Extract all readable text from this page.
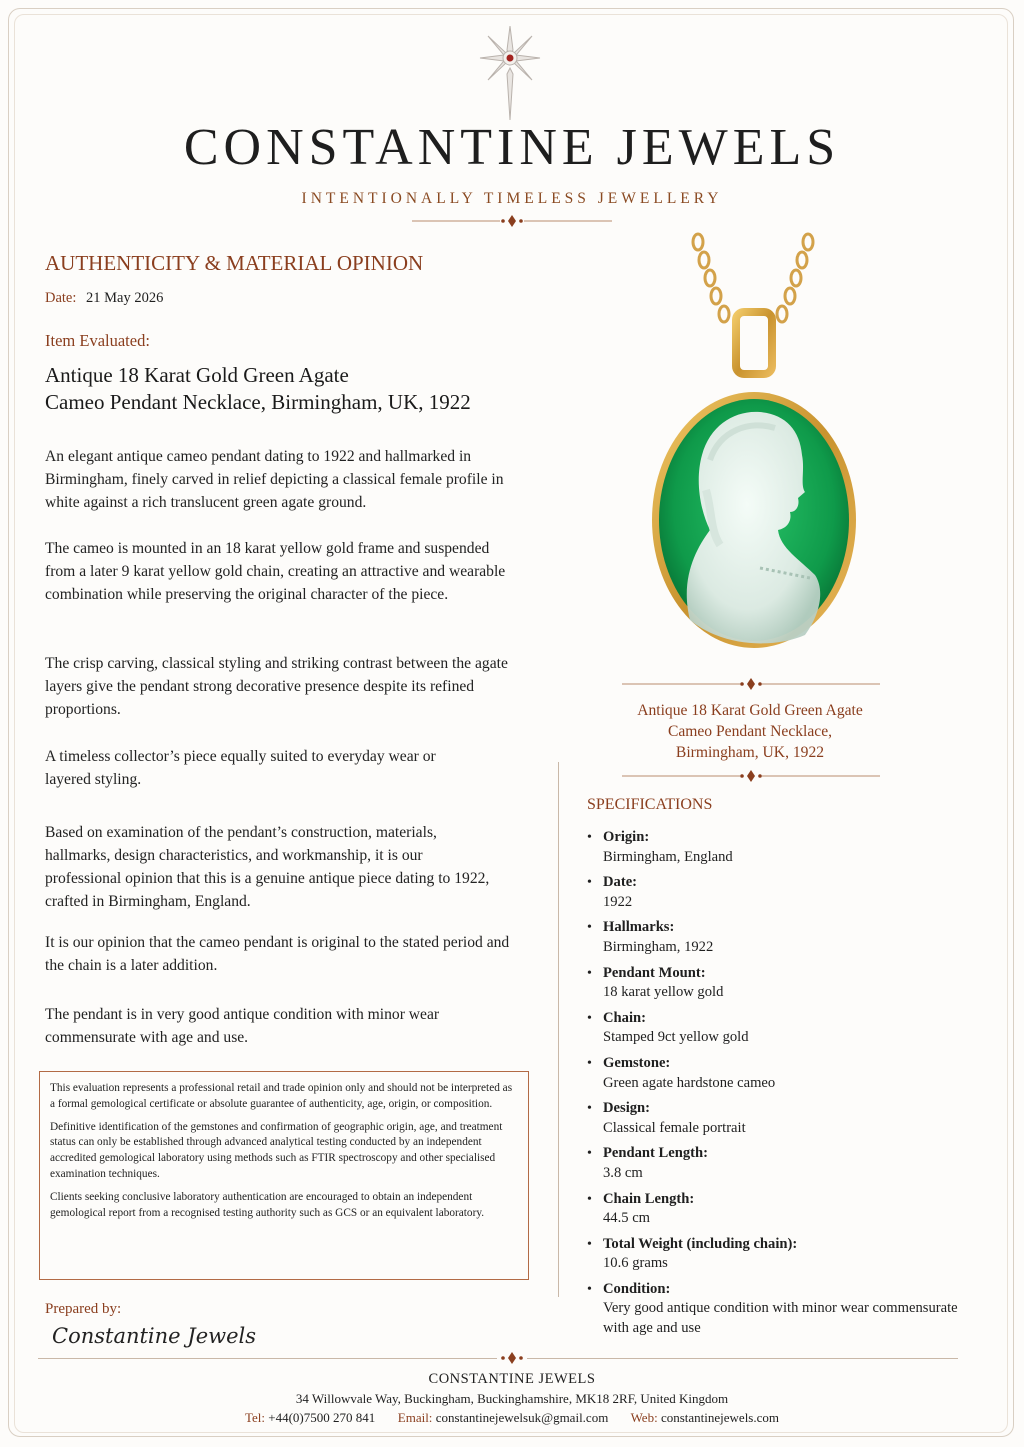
CONSTANTINE JEWELS
INTENTIONALLY TIMELESS JEWELLERY
AUTHENTICITY & MATERIAL OPINION
Date: 21 May 2026
Item Evaluated:
Antique 18 Karat Gold Green Agate
Cameo Pendant Necklace, Birmingham, UK, 1922

An elegant antique cameo pendant dating to 1922 and hallmarked in Birmingham, finely carved in relief depicting a classical female profile in white against a rich translucent green agate ground.

The cameo is mounted in an 18 karat yellow gold frame and suspended from a later 9 karat yellow gold chain, creating an attractive and wearable combination while preserving the original character of the piece.

The crisp carving, classical styling and striking contrast between the agate layers give the pendant strong decorative presence despite its refined proportions.

A timeless collector’s piece equally suited to everyday wear or layered styling.

Based on examination of the pendant’s construction, materials, hallmarks, design characteristics, and workmanship, it is our professional opinion that this is a genuine antique piece dating to 1922, crafted in Birmingham, England.

It is our opinion that the cameo pendant is original to the stated period and the chain is a later addition.

The pendant is in very good antique condition with minor wear commensurate with age and use.

This evaluation represents a professional retail and trade opinion only and should not be interpreted as a formal gemological certificate or absolute guarantee of authenticity, age, origin, or composition.

Definitive identification of the gemstones and confirmation of geographic origin, age, and treatment status can only be established through advanced analytical testing conducted by an independent accredited gemological laboratory using methods such as FTIR spectroscopy and other specialised examination techniques.

Clients seeking conclusive laboratory authentication are encouraged to obtain an independent gemological report from a recognised testing authority such as GCS or an equivalent laboratory.

Prepared by:
Constantine Jewels
Antique 18 Karat Gold Green Agate
Cameo Pendant Necklace,
Birmingham, UK, 1922
SPECIFICATIONS
• Origin:
Birmingham, England
• Date:
1922
• Hallmarks:
Birmingham, 1922
• Pendant Mount:
18 karat yellow gold
• Chain:
Stamped 9ct yellow gold
• Gemstone:
Green agate hardstone cameo
• Design:
Classical female portrait
• Pendant Length:
3.8 cm
• Chain Length:
44.5 cm
• Total Weight (including chain):
10.6 grams
• Condition:
Very good antique condition with minor wear commensurate with age and use
CONSTANTINE JEWELS
34 Willowvale Way, Buckingham, Buckinghamshire, MK18 2RF, United Kingdom
Tel: +44(0)7500 270 841 Email: constantinejewelsuk@gmail.com Web: constantinejewels.com
